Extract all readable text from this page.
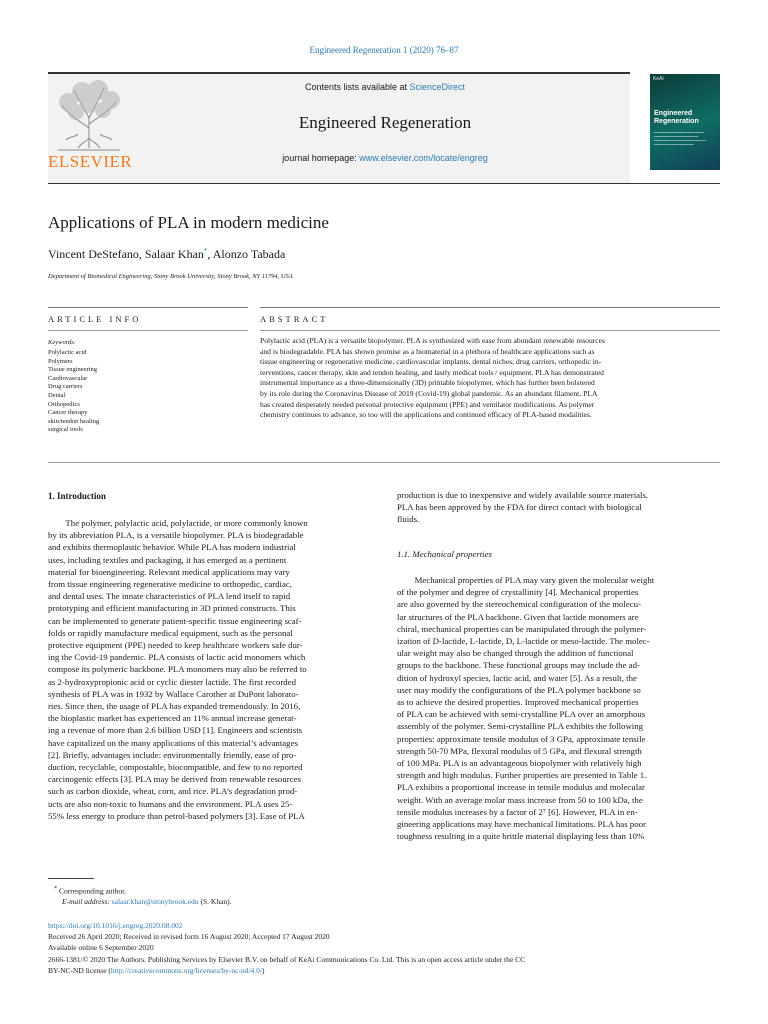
Engineered Regeneration 1 (2020) 76–87
ELSEVIER
Contents lists available at ScienceDirect
Engineered Regeneration
journal homepage: www.elsevier.com/locate/engreg
KeAi
Engineered
Regeneration
Applications of PLA in modern medicine
Vincent DeStefano, Salaar Khan*, Alonzo Tabada
Department of Biomedical Engineering, Stony Brook University, Stony Brook, NY 11794, USA
ARTICLE INFO	ABSTRACT
Keywords:
Polylactic acid
Polymers
Tissue engineering
Cardiovascular
Drug carriers
Dental
Orthopedics
Cancer therapy
skin/tendon healing
surgical tools
Polylactic acid (PLA) is a versatile biopolymer. PLA is synthesized with ease from abundant renewable resources
and is biodegradable. PLA has shown promise as a biomaterial in a plethora of healthcare applications such as
tissue engineering or regenerative medicine, cardiovascular implants, dental niches, drug carriers, orthopedic in-
terventions, cancer therapy, skin and tendon healing, and lastly medical tools / equipment. PLA has demonstrated
instrumental importance as a three-dimensionally (3D) printable biopolymer, which has further been bolstered
by its role during the Coronavirus Disease of 2019 (Covid-19) global pandemic. As an abundant filament, PLA
has created desperately needed personal protective equipment (PPE) and ventilator modifications. As polymer
chemistry continues to advance, so too will the applications and continued efficacy of PLA-based modalities.
1. Introduction
The polymer, polylactic acid, polylactide, or more commonly known
by its abbreviation PLA, is a versatile biopolymer. PLA is biodegradable
and exhibits thermoplastic behavior. While PLA has modern industrial
uses, including textiles and packaging, it has emerged as a pertinent
material for bioengineering. Relevant medical applications may vary
from tissue engineering regenerative medicine to orthopedic, cardiac,
and dental uses. The innate characteristics of PLA lend itself to rapid
prototyping and efficient manufacturing in 3D printed constructs. This
can be implemented to generate patient-specific tissue engineering scaf-
folds or rapidly manufacture medical equipment, such as the personal
protective equipment (PPE) needed to keep healthcare workers safe dur-
ing the Covid-19 pandemic. PLA consists of lactic acid monomers which
compose its polymeric backbone. PLA monomers may also be referred to
as 2-hydroxypropionic acid or cyclic diester lactide. The first recorded
synthesis of PLA was in 1932 by Wallace Carother at DuPont laborato-
ries. Since then, the usage of PLA has expanded tremendously. In 2016,
the bioplastic market has experienced an 11% annual increase generat-
ing a revenue of more than 2.6 billion USD [1]. Engineers and scientists
have capitalized on the many applications of this material’s advantages
[2]. Briefly, advantages include: environmentally friendly, ease of pro-
duction, recyclable, compostable, biocompatible, and few to no reported
carcinogenic effects [3]. PLA may be derived from renewable resources
such as carbon dioxide, wheat, corn, and rice. PLA’s degradation prod-
ucts are also non-toxic to humans and the environment. PLA uses 25-
55% less energy to produce than petrol-based polymers [3]. Ease of PLA
production is due to inexpensive and widely available source materials.
PLA has been approved by the FDA for direct contact with biological
fluids.
1.1. Mechanical properties
Mechanical properties of PLA may vary given the molecular weight
of the polymer and degree of crystallinity [4]. Mechanical properties
are also governed by the stereochemical configuration of the molecu-
lar structures of the PLA backbone. Given that lactide monomers are
chiral, mechanical properties can be manipulated through the polymer-
ization of D-lactide, L-lactide, D, L-lactide or meso-lactide. The molec-
ular weight may also be changed through the addition of functional
groups to the backbone. These functional groups may include the ad-
dition of hydroxyl species, lactic acid, and water [5]. As a result, the
user may modify the configurations of the PLA polymer backbone so
as to achieve the desired properties. Improved mechanical properties
of PLA can be achieved with semi-crystalline PLA over an amorphous
assembly of the polymer. Semi-crystalline PLA exhibits the following
properties: approximate tensile modulus of 3 GPa, approximate tensile
strength 50-70 MPa, flexural modulus of 5 GPa, and flexural strength
of 100 MPa. PLA is an advantageous biopolymer with relatively high
strength and high modulus. Further properties are presented in Table 1.
PLA exhibits a proportional increase in tensile modulus and molecular
weight. With an average molar mass increase from 50 to 100 kDa, the
tensile modulus increases by a factor of 2⁷ [6]. However, PLA in en-
gineering applications may have mechanical limitations. PLA has poor
toughness resulting in a quite brittle material displaying less than 10%
* Corresponding author.
E-mail address: salaar.khan@stonybrook.edu (S. Khan).
https://doi.org/10.1016/j.engreg.2020.08.002
Received 26 April 2020; Received in revised form 16 August 2020; Accepted 17 August 2020
Available online 6 September 2020
2666-1381/© 2020 The Authors. Publishing Services by Elsevier B.V. on behalf of KeAi Communications Co. Ltd. This is an open access article under the CC
BY-NC-ND license (http://creativecommons.org/licenses/by-nc-nd/4.0/)
